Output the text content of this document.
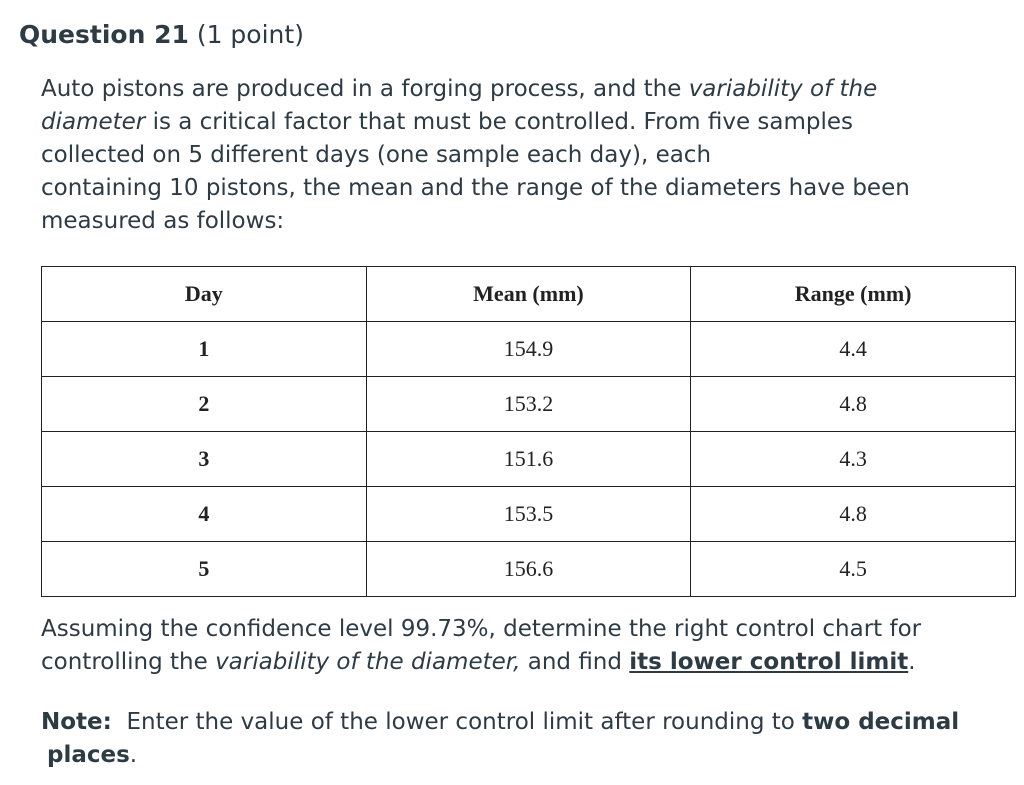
Question 21 (1 point)
Auto pistons are produced in a forging process, and the variability of the
diameter is a critical factor that must be controlled. From five samples
collected on 5 different days (one sample each day), each
containing 10 pistons, the mean and the range of the diameters have been
measured as follows:
Day	Mean (mm)	Range (mm)
1	154.9	4.4
2	153.2	4.8
3	151.6	4.3
4	153.5	4.8
5	156.6	4.5
Assuming the confidence level 99.73%, determine the right control chart for
controlling the variability of the diameter, and find its lower control limit.
Note:  Enter the value of the lower control limit after rounding to two decimal
places.
